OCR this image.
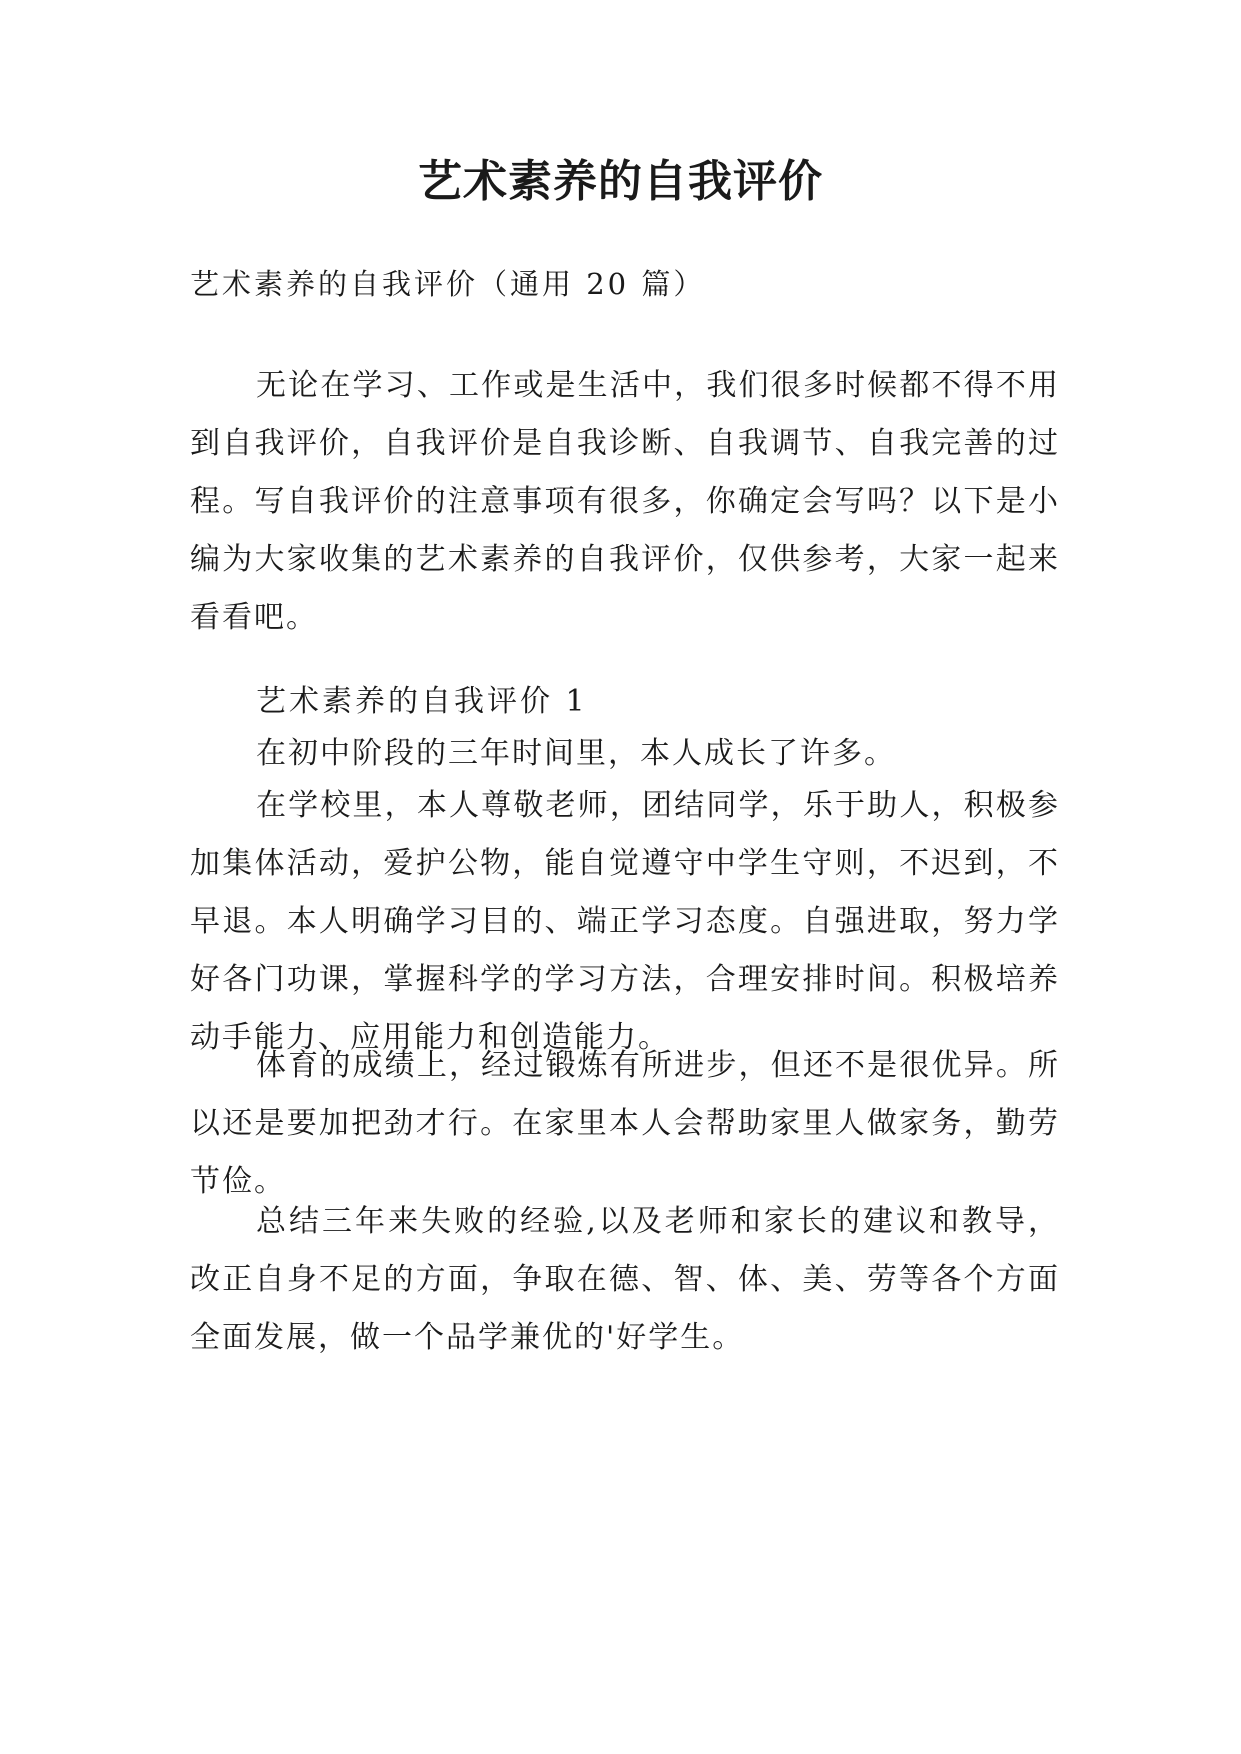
艺术素养的自我评价

艺术素养的自我评价（通用 20 篇）

无论在学习、工作或是生活中，我们很多时候都不得不用到自我评价，自我评价是自我诊断、自我调节、自我完善的过程。写自我评价的注意事项有很多，你确定会写吗？以下是小编为大家收集的艺术素养的自我评价，仅供参考，大家一起来看看吧。

艺术素养的自我评价 1

在初中阶段的三年时间里，本人成长了许多。

在学校里，本人尊敬老师，团结同学，乐于助人，积极参加集体活动，爱护公物，能自觉遵守中学生守则，不迟到，不早退。本人明确学习目的、端正学习态度。自强进取，努力学好各门功课，掌握科学的学习方法，合理安排时间。积极培养动手能力、应用能力和创造能力。

体育的成绩上，经过锻炼有所进步，但还不是很优异。所以还是要加把劲才行。在家里本人会帮助家里人做家务，勤劳节俭。

总结三年来失败的经验,以及老师和家长的建议和教导，改正自身不足的方面，争取在德、智、体、美、劳等各个方面全面发展，做一个品学兼优的'好学生。
